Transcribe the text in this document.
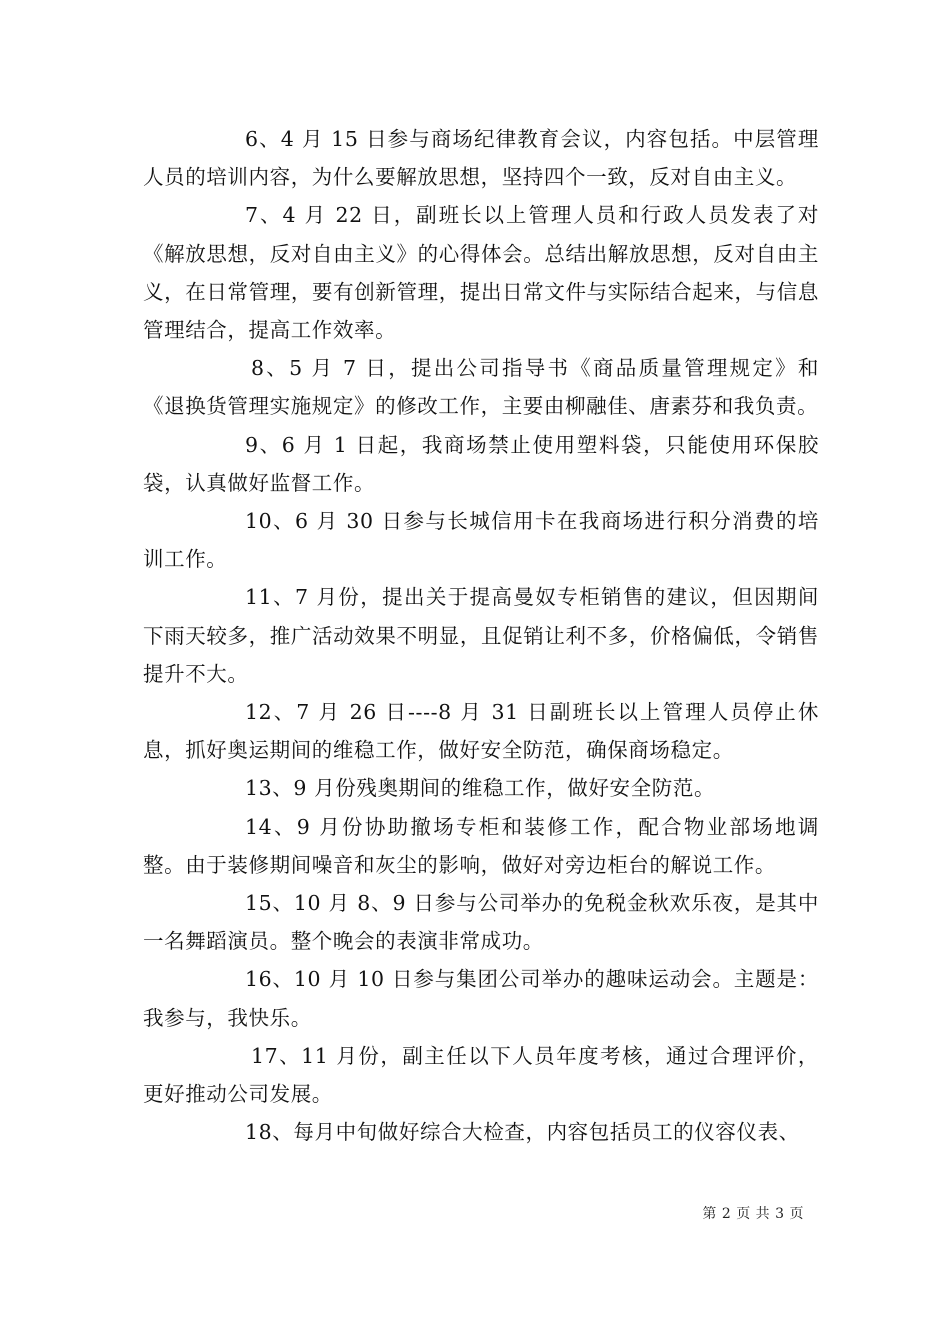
6、4 月 15 日参与商场纪律教育会议，内容包括。中层管理人员的培训内容，为什么要解放思想，坚持四个一致，反对自由主义。

7、4 月 22 日，副班长以上管理人员和行政人员发表了对《解放思想，反对自由主义》的心得体会。总结出解放思想，反对自由主义，在日常管理，要有创新管理，提出日常文件与实际结合起来，与信息管理结合，提高工作效率。

8、5 月 7 日，提出公司指导书《商品质量管理规定》和《退换货管理实施规定》的修改工作，主要由柳融佳、唐素芬和我负责。

9、6 月 1 日起，我商场禁止使用塑料袋，只能使用环保胶袋，认真做好监督工作。

10、6 月 30 日参与长城信用卡在我商场进行积分消费的培训工作。

11、7 月份，提出关于提高曼奴专柜销售的建议，但因期间下雨天较多，推广活动效果不明显，且促销让利不多，价格偏低，令销售提升不大。

12、7 月 26 日----8 月 31 日副班长以上管理人员停止休息，抓好奥运期间的维稳工作，做好安全防范，确保商场稳定。

13、9 月份残奥期间的维稳工作，做好安全防范。

14、9 月份协助撤场专柜和装修工作，配合物业部场地调整。由于装修期间噪音和灰尘的影响，做好对旁边柜台的解说工作。

15、10 月 8、9 日参与公司举办的免税金秋欢乐夜，是其中一名舞蹈演员。整个晚会的表演非常成功。

16、10 月 10 日参与集团公司举办的趣味运动会。主题是：我参与，我快乐。

17、11 月份，副主任以下人员年度考核，通过合理评价，更好推动公司发展。

18、每月中旬做好综合大检查，内容包括员工的仪容仪表、

第 2 页 共 3 页
